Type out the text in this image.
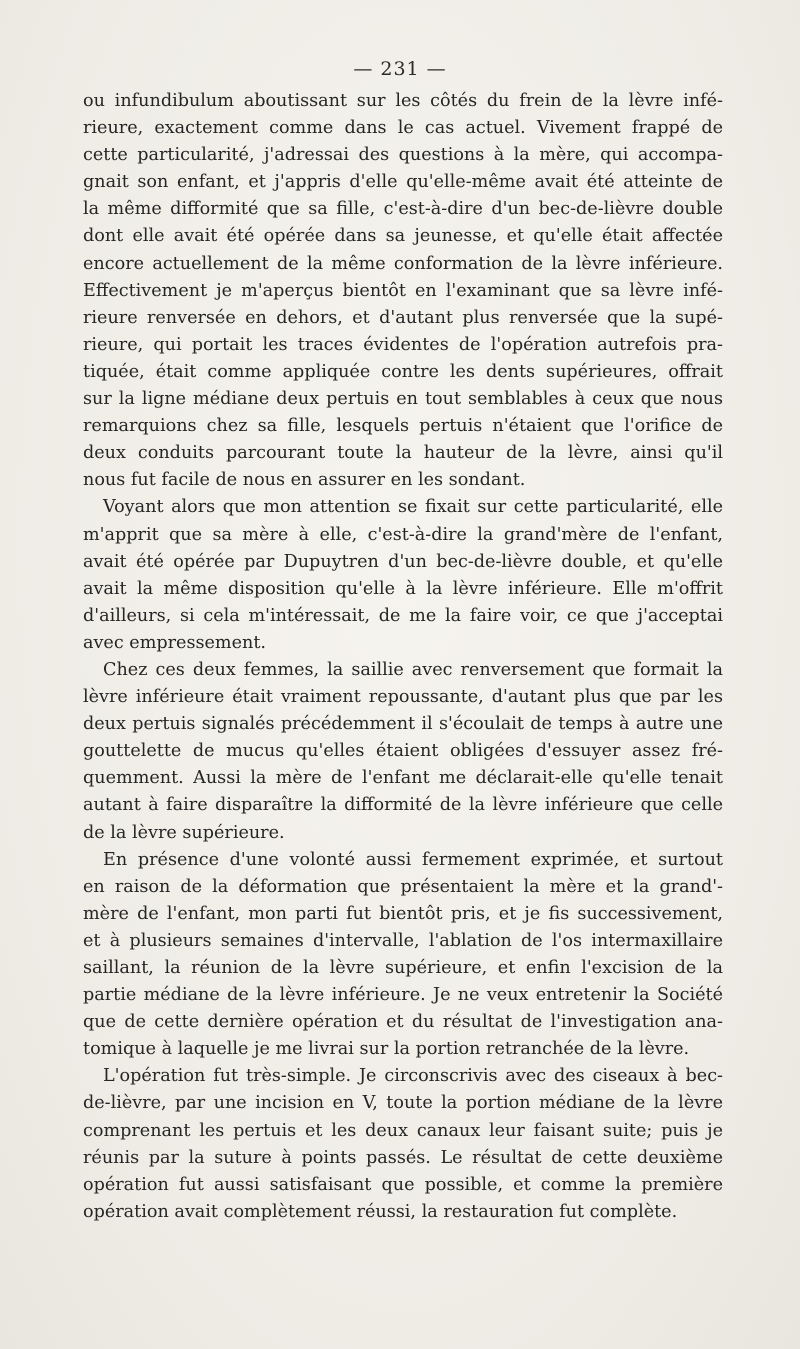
— 231 —
ou infundibulum aboutissant sur les côtés du frein de la lèvre infé-
rieure, exactement comme dans le cas actuel. Vivement frappé de
cette particularité, j'adressai des questions à la mère, qui accompa-
gnait son enfant, et j'appris d'elle qu'elle-même avait été atteinte de
la même difformité que sa fille, c'est-à-dire d'un bec-de-lièvre double
dont elle avait été opérée dans sa jeunesse, et qu'elle était affectée
encore actuellement de la même conformation de la lèvre inférieure.
Effectivement je m'aperçus bientôt en l'examinant que sa lèvre infé-
rieure renversée en dehors, et d'autant plus renversée que la supé-
rieure, qui portait les traces évidentes de l'opération autrefois pra-
tiquée, était comme appliquée contre les dents supérieures, offrait
sur la ligne médiane deux pertuis en tout semblables à ceux que nous
remarquions chez sa fille, lesquels pertuis n'étaient que l'orifice de
deux conduits parcourant toute la hauteur de la lèvre, ainsi qu'il
nous fut facile de nous en assurer en les sondant.
Voyant alors que mon attention se fixait sur cette particularité, elle
m'apprit que sa mère à elle, c'est-à-dire la grand'mère de l'enfant,
avait été opérée par Dupuytren d'un bec-de-lièvre double, et qu'elle
avait la même disposition qu'elle à la lèvre inférieure. Elle m'offrit
d'ailleurs, si cela m'intéressait, de me la faire voir, ce que j'acceptai
avec empressement.
Chez ces deux femmes, la saillie avec renversement que formait la
lèvre inférieure était vraiment repoussante, d'autant plus que par les
deux pertuis signalés précédemment il s'écoulait de temps à autre une
gouttelette de mucus qu'elles étaient obligées d'essuyer assez fré-
quemment. Aussi la mère de l'enfant me déclarait-elle qu'elle tenait
autant à faire disparaître la difformité de la lèvre inférieure que celle
de la lèvre supérieure.
En présence d'une volonté aussi fermement exprimée, et surtout
en raison de la déformation que présentaient la mère et la grand'-
mère de l'enfant, mon parti fut bientôt pris, et je fis successivement,
et à plusieurs semaines d'intervalle, l'ablation de l'os intermaxillaire
saillant, la réunion de la lèvre supérieure, et enfin l'excision de la
partie médiane de la lèvre inférieure. Je ne veux entretenir la Société
que de cette dernière opération et du résultat de l'investigation ana-
tomique à laquelle je me livrai sur la portion retranchée de la lèvre.
L'opération fut très-simple. Je circonscrivis avec des ciseaux à bec-
de-lièvre, par une incision en V, toute la portion médiane de la lèvre
comprenant les pertuis et les deux canaux leur faisant suite; puis je
réunis par la suture à points passés. Le résultat de cette deuxième
opération fut aussi satisfaisant que possible, et comme la première
opération avait complètement réussi, la restauration fut complète.
